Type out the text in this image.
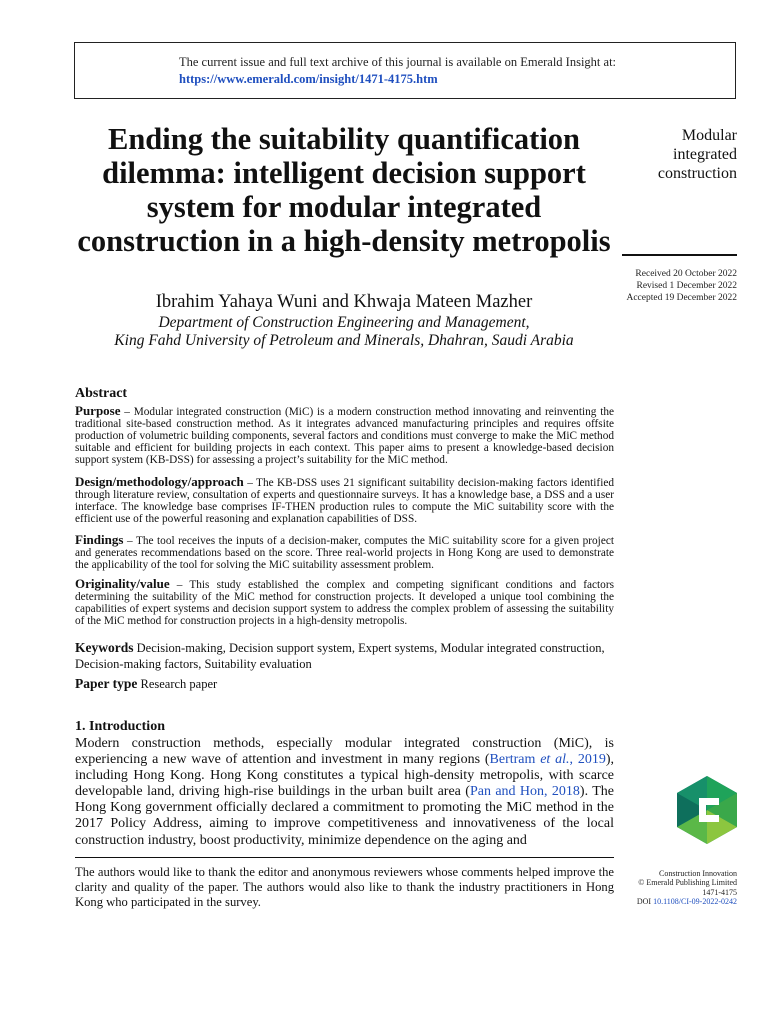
The current issue and full text archive of this journal is available on Emerald Insight at:
https://www.emerald.com/insight/1471-4175.htm
Ending the suitability quantification dilemma: intelligent decision support system for modular integrated construction in a high-density metropolis
Ibrahim Yahaya Wuni and Khwaja Mateen Mazher
Department of Construction Engineering and Management,
King Fahd University of Petroleum and Minerals, Dhahran, Saudi Arabia
Modular
integrated
construction
Received 20 October 2022
Revised 1 December 2022
Accepted 19 December 2022
Abstract
Purpose – Modular integrated construction (MiC) is a modern construction method innovating and reinventing the traditional site-based construction method. As it integrates advanced manufacturing principles and requires offsite production of volumetric building components, several factors and conditions must converge to make the MiC method suitable and efficient for building projects in each context. This paper aims to present a knowledge-based decision support system (KB-DSS) for assessing a project’s suitability for the MiC method.
Design/methodology/approach – The KB-DSS uses 21 significant suitability decision-making factors identified through literature review, consultation of experts and questionnaire surveys. It has a knowledge base, a DSS and a user interface. The knowledge base comprises IF-THEN production rules to compute the MiC suitability score with the efficient use of the powerful reasoning and explanation capabilities of DSS.
Findings – The tool receives the inputs of a decision-maker, computes the MiC suitability score for a given project and generates recommendations based on the score. Three real-world projects in Hong Kong are used to demonstrate the applicability of the tool for solving the MiC suitability assessment problem.
Originality/value – This study established the complex and competing significant conditions and factors determining the suitability of the MiC method for construction projects. It developed a unique tool combining the capabilities of expert systems and decision support system to address the complex problem of assessing the suitability of the MiC method for construction projects in a high-density metropolis.
Keywords Decision-making, Decision support system, Expert systems, Modular integrated construction, Decision-making factors, Suitability evaluation
Paper type Research paper
1. Introduction
Modern construction methods, especially modular integrated construction (MiC), is experiencing a new wave of attention and investment in many regions (Bertram et al., 2019), including Hong Kong. Hong Kong constitutes a typical high-density metropolis, with scarce developable land, driving high-rise buildings in the urban built area (Pan and Hon, 2018). The Hong Kong government officially declared a commitment to promoting the MiC method in the 2017 Policy Address, aiming to improve competitiveness and innovativeness of the local construction industry, boost productivity, minimize dependence on the aging and
The authors would like to thank the editor and anonymous reviewers whose comments helped improve the clarity and quality of the paper. The authors would also like to thank the industry practitioners in Hong Kong who participated in the survey.
Construction Innovation
© Emerald Publishing Limited
1471-4175
DOI 10.1108/CI-09-2022-0242
